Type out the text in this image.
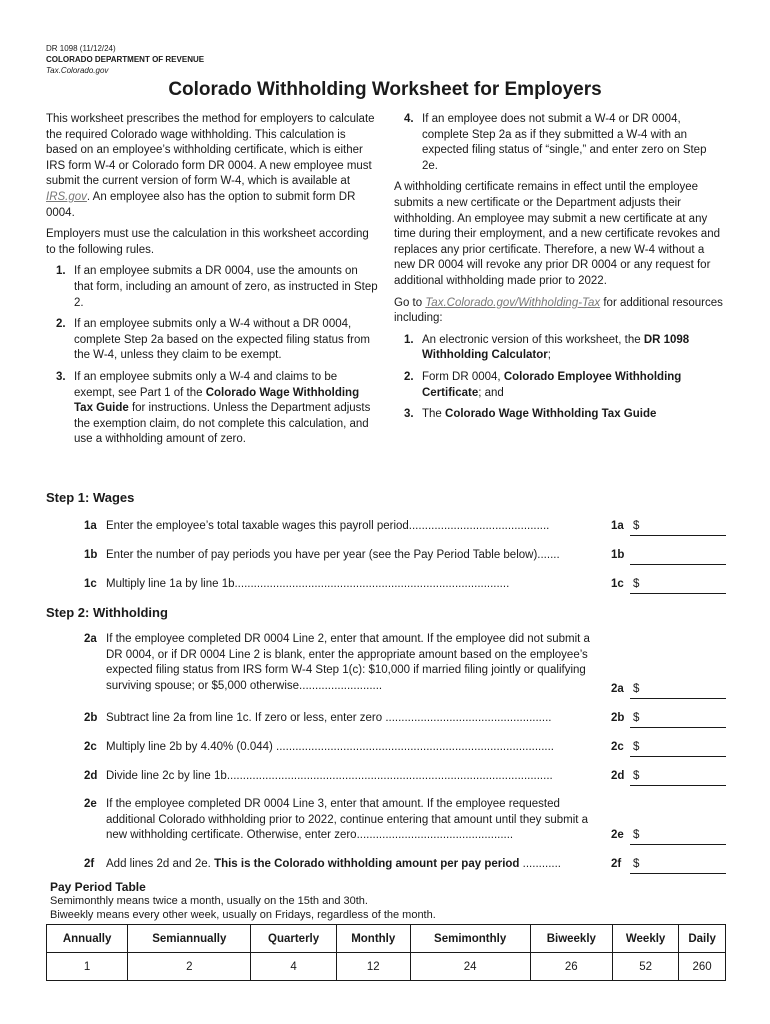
DR 1098 (11/12/24)
COLORADO DEPARTMENT OF REVENUE
Tax.Colorado.gov
Colorado Withholding Worksheet for Employers

This worksheet prescribes the method for employers to calculate the required Colorado wage withholding. This calculation is based on an employee’s withholding certificate, which is either IRS form W-4 or Colorado form DR 0004. A new employee must submit the current version of form W-4, which is available at IRS.gov. An employee also has the option to submit form DR 0004.

Employers must use the calculation in this worksheet according to the following rules.

1. If an employee submits a DR 0004, use the amounts on that form, including an amount of zero, as instructed in Step 2.
2. If an employee submits only a W-4 without a DR 0004, complete Step 2a based on the expected filing status from the W-4, unless they claim to be exempt.
3. If an employee submits only a W-4 and claims to be exempt, see Part 1 of the Colorado Wage Withholding Tax Guide for instructions. Unless the Department adjusts the exemption claim, do not complete this calculation, and use a withholding amount of zero.
4. If an employee does not submit a W-4 or DR 0004, complete Step 2a as if they submitted a W-4 with an expected filing status of “single,” and enter zero on Step 2e.

A withholding certificate remains in effect until the employee submits a new certificate or the Department adjusts their withholding. An employee may submit a new certificate at any time during their employment, and a new certificate revokes and replaces any prior certificate. Therefore, a new W-4 without a new DR 0004 will revoke any prior DR 0004 or any request for additional withholding made prior to 2022.

Go to Tax.Colorado.gov/Withholding-Tax for additional resources including:

1. An electronic version of this worksheet, the DR 1098 Withholding Calculator;
2. Form DR 0004, Colorado Employee Withholding Certificate; and
3. The Colorado Wage Withholding Tax Guide
Step 1: Wages
1a Enter the employee’s total taxable wages this payroll period............................................	1a $
1b Enter the number of pay periods you have per year (see the Pay Period Table below).......	1b
1c Multiply line 1a by line 1b......................................................................................	1c $
Step 2: Withholding
2a If the employee completed DR 0004 Line 2, enter that amount. If the employee did not submit a DR 0004, or if DR 0004 Line 2 is blank, enter the appropriate amount based on the employee’s expected filing status from IRS form W-4 Step 1(c): $10,000 if married filing jointly or qualifying surviving spouse; or $5,000 otherwise..........................	2a $
2b Subtract line 2a from line 1c. If zero or less, enter zero ....................................................	2b $
2c Multiply line 2b by 4.40% (0.044) .......................................................................................	2c $
2d Divide line 2c by line 1b......................................................................................................	2d $
2e If the employee completed DR 0004 Line 3, enter that amount. If the employee requested additional Colorado withholding prior to 2022, continue entering that amount until they submit a new withholding certificate. Otherwise, enter zero.................................................	2e $
2f Add lines 2d and 2e. This is the Colorado withholding amount per pay period ............	2f $
Pay Period Table
Semimonthly means twice a month, usually on the 15th and 30th.
Biweekly means every other week, usually on Fridays, regardless of the month.
Annually	Semiannually	Quarterly	Monthly	Semimonthly	Biweekly	Weekly	Daily
1	2	4	12	24	26	52	260
